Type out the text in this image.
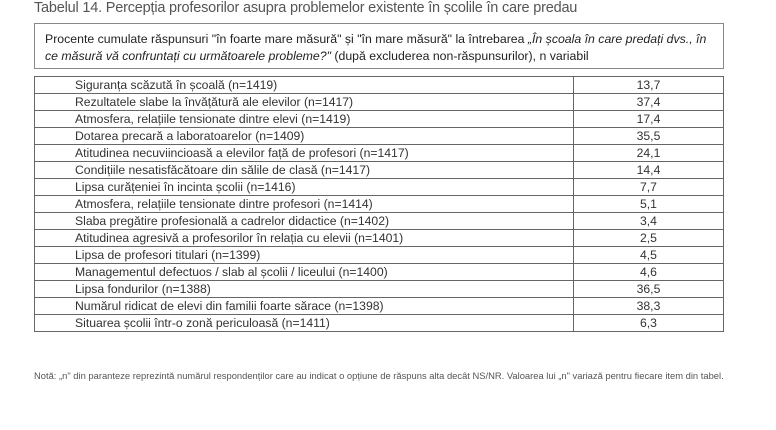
Tabelul 14. Percepția profesorilor asupra problemelor existente în școlile în care predau
Procente cumulate răspunsuri "în foarte mare măsură" și "în mare măsură" la întrebarea „În școala în care predați dvs., în ce măsură vă confruntați cu următoarele probleme?" (după excluderea non-răspunsurilor), n variabil
Siguranța scăzută în școală (n=1419)	13,7
Rezultatele slabe la învățătură ale elevilor (n=1417)	37,4
Atmosfera, relațiile tensionate dintre elevi (n=1419)	17,4
Dotarea precară a laboratoarelor (n=1409)	35,5
Atitudinea necuviincioasă a elevilor față de profesori (n=1417)	24,1
Condițiile nesatisfăcătoare din sălile de clasă (n=1417)	14,4
Lipsa curățeniei în incinta școlii (n=1416)	7,7
Atmosfera, relațiile tensionate dintre profesori (n=1414)	5,1
Slaba pregătire profesională a cadrelor didactice (n=1402)	3,4
Atitudinea agresivă a profesorilor în relația cu elevii (n=1401)	2,5
Lipsa de profesori titulari (n=1399)	4,5
Managementul defectuos / slab al școlii / liceului (n=1400)	4,6
Lipsa fondurilor (n=1388)	36,5
Numărul ridicat de elevi din familii foarte sărace (n=1398)	38,3
Situarea școlii într-o zonă periculoasă (n=1411)	6,3
Notă: „n" din paranteze reprezintă numărul respondenților care au indicat o opțiune de răspuns alta decât NS/NR. Valoarea lui „n" variază pentru fiecare item din tabel.
